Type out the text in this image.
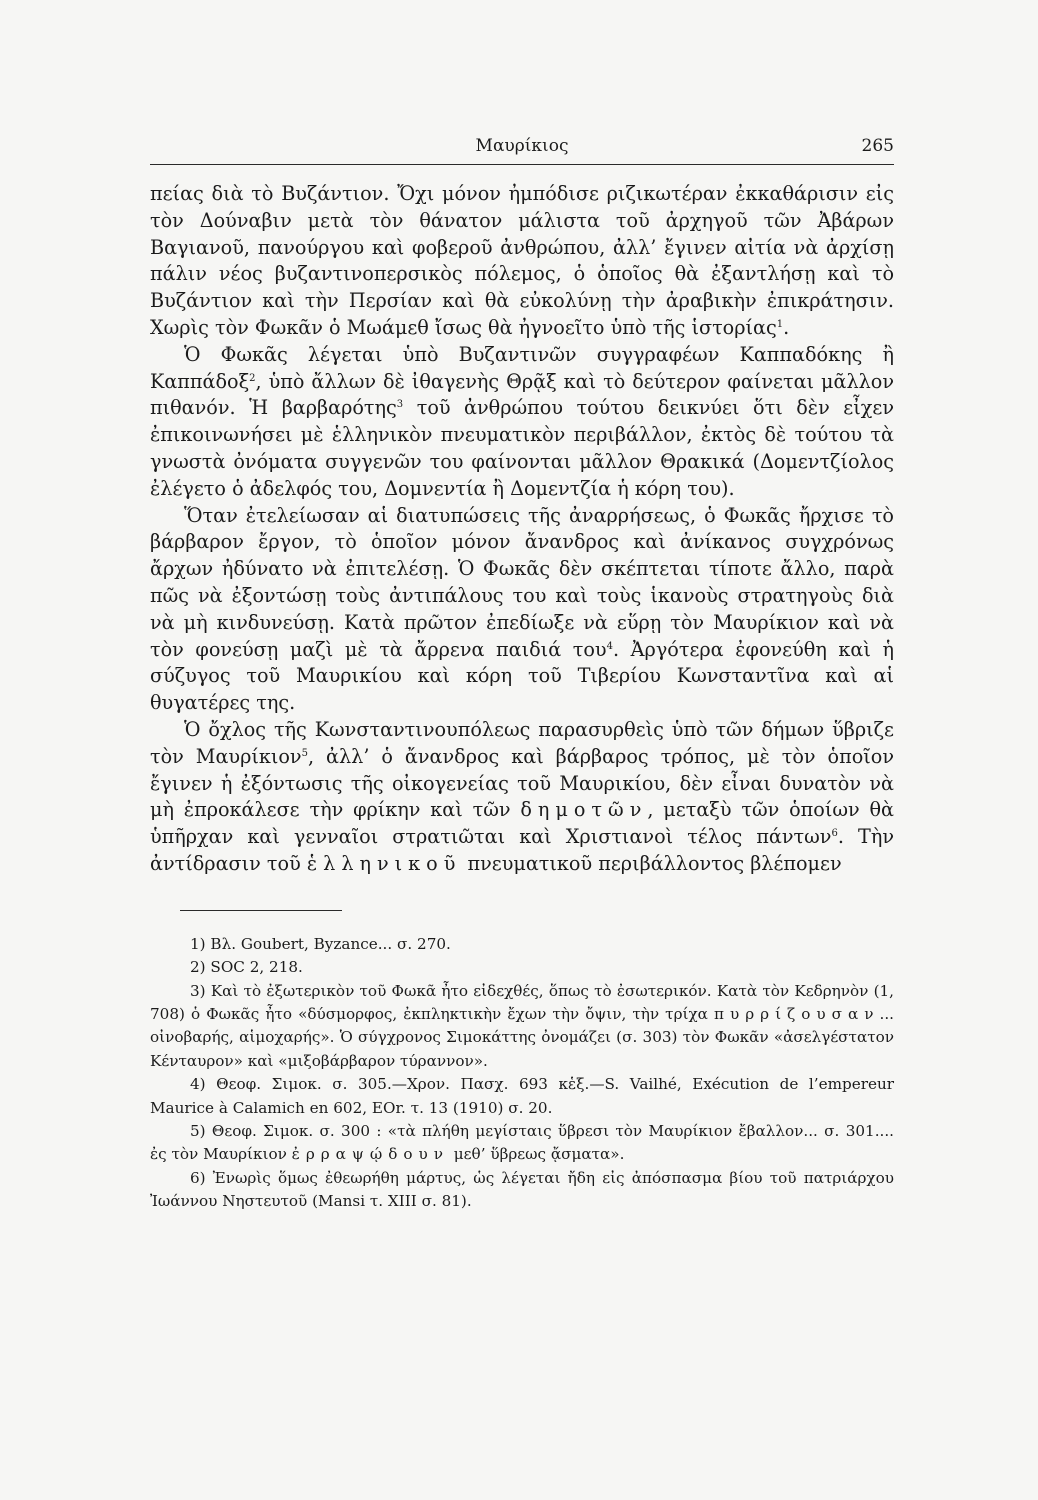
Μαυρίκιος	265

πείας διὰ τὸ Βυζάντιον. Ὄχι μόνον ἠμπόδισε ριζικωτέραν ἐκκαθάρισιν εἰς τὸν Δούναβιν μετὰ τὸν θάνατον μάλιστα τοῦ ἀρχηγοῦ τῶν Ἀβάρων Βαγιανοῦ, πανούργου καὶ φοβεροῦ ἀνθρώπου, ἀλλ’ ἔγινεν αἰτία νὰ ἀρχίσῃ πάλιν νέος βυζαντινοπερσικὸς πόλεμος, ὁ ὁποῖος θὰ ἐξαντλήσῃ καὶ τὸ Βυζάντιον καὶ τὴν Περσίαν καὶ θὰ εὐκολύνῃ τὴν ἀραβικὴν ἐπικράτησιν. Χωρὶς τὸν Φωκᾶν ὁ Μωάμεθ ἴσως θὰ ἠγνοεῖτο ὑπὸ τῆς ἱστορίας$^1$.

Ὁ Φωκᾶς λέγεται ὑπὸ Βυζαντινῶν συγγραφέων Καππαδόκης ἢ Καππάδοξ$^2$, ὑπὸ ἄλλων δὲ ἰθαγενὴς Θρᾷξ καὶ τὸ δεύτερον φαίνεται μᾶλλον πιθανόν. Ἡ βαρβαρότης$^3$ τοῦ ἀνθρώπου τούτου δεικνύει ὅτι δὲν εἶχεν ἐπικοινωνήσει μὲ ἑλληνικὸν πνευματικὸν περιβάλλον, ἐκτὸς δὲ τούτου τὰ γνωστὰ ὀνόματα συγγενῶν του φαίνονται μᾶλλον Θρακικά (Δομεντζίολος ἐλέγετο ὁ ἀδελφός του, Δομνεντία ἢ Δομεντζία ἡ κόρη του).

Ὅταν ἐτελείωσαν αἱ διατυπώσεις τῆς ἀναρρήσεως, ὁ Φωκᾶς ἤρχισε τὸ βάρβαρον ἔργον, τὸ ὁποῖον μόνον ἄνανδρος καὶ ἀνίκανος συγχρόνως ἄρχων ἠδύνατο νὰ ἐπιτελέσῃ. Ὁ Φωκᾶς δὲν σκέπτεται τίποτε ἄλλο, παρὰ πῶς νὰ ἐξοντώσῃ τοὺς ἀντιπάλους του καὶ τοὺς ἱκανοὺς στρατηγοὺς διὰ νὰ μὴ κινδυνεύσῃ. Κατὰ πρῶτον ἐπεδίωξε νὰ εὕρῃ τὸν Μαυρίκιον καὶ νὰ τὸν φονεύσῃ μαζὶ μὲ τὰ ἄρρενα παιδιά του$^4$. Ἀργότερα ἐφονεύθη καὶ ἡ σύζυγος τοῦ Μαυρικίου καὶ κόρη τοῦ Τιβερίου Κωνσταντῖνα καὶ αἱ θυγατέρες της.

Ὁ ὄχλος τῆς Κωνσταντινουπόλεως παρασυρθεὶς ὑπὸ τῶν δήμων ὕβριζε τὸν Μαυρίκιον$^5$, ἀλλ’ ὁ ἄνανδρος καὶ βάρβαρος τρόπος, μὲ τὸν ὁποῖον ἔγινεν ἡ ἐξόντωσις τῆς οἰκογενείας τοῦ Μαυρικίου, δὲν εἶναι δυνατὸν νὰ μὴ ἐπροκάλεσε τὴν φρίκην καὶ τῶν δημοτῶν, μεταξὺ τῶν ὁποίων θὰ ὑπῆρχαν καὶ γενναῖοι στρατιῶται καὶ Χριστιανοὶ τέλος πάντων$^6$. Τὴν ἀντίδρασιν τοῦ ἑλληνικοῦ πνευματικοῦ περιβάλλοντος βλέπομεν

1) Βλ. Goubert, Byzance... σ. 270.

2) SOC 2, 218.

3) Καὶ τὸ ἐξωτερικὸν τοῦ Φωκᾶ ἦτο εἰδεχθές, ὅπως τὸ ἐσωτερικόν. Κατὰ τὸν Κεδρηνὸν (1, 708) ὁ Φωκᾶς ἦτο «δύσμορφος, ἐκπληκτικὴν ἔχων τὴν ὄψιν, τὴν τρίχα πυρρίζουσαν... οἰνοβαρής, αἱμοχαρής». Ὁ σύγχρονος Σιμοκάττης ὀνομάζει (σ. 303) τὸν Φωκᾶν «ἀσελγέστατον Κένταυρον» καὶ «μιξοβάρβαρον τύραννον».

4) Θεοφ. Σιμοκ. σ. 305.—Χρον. Πασχ. 693 κἑξ.—S. Vailhé, Exécution de l’empereur Maurice à Calamich en 602, EOr. τ. 13 (1910) σ. 20.

5) Θεοφ. Σιμοκ. σ. 300 : «τὰ πλήθη μεγίσταις ὕβρεσι τὸν Μαυρίκιον ἔβαλλον... σ. 301.... ἐς τὸν Μαυρίκιον ἐρραψῴδουν μεθ’ ὕβρεως ᾄσματα».

6) Ἐνωρὶς ὅμως ἐθεωρήθη μάρτυς, ὡς λέγεται ἤδη εἰς ἀπόσπασμα βίου τοῦ πατριάρχου Ἰωάννου Νηστευτοῦ (Mansi τ. XIII σ. 81).
